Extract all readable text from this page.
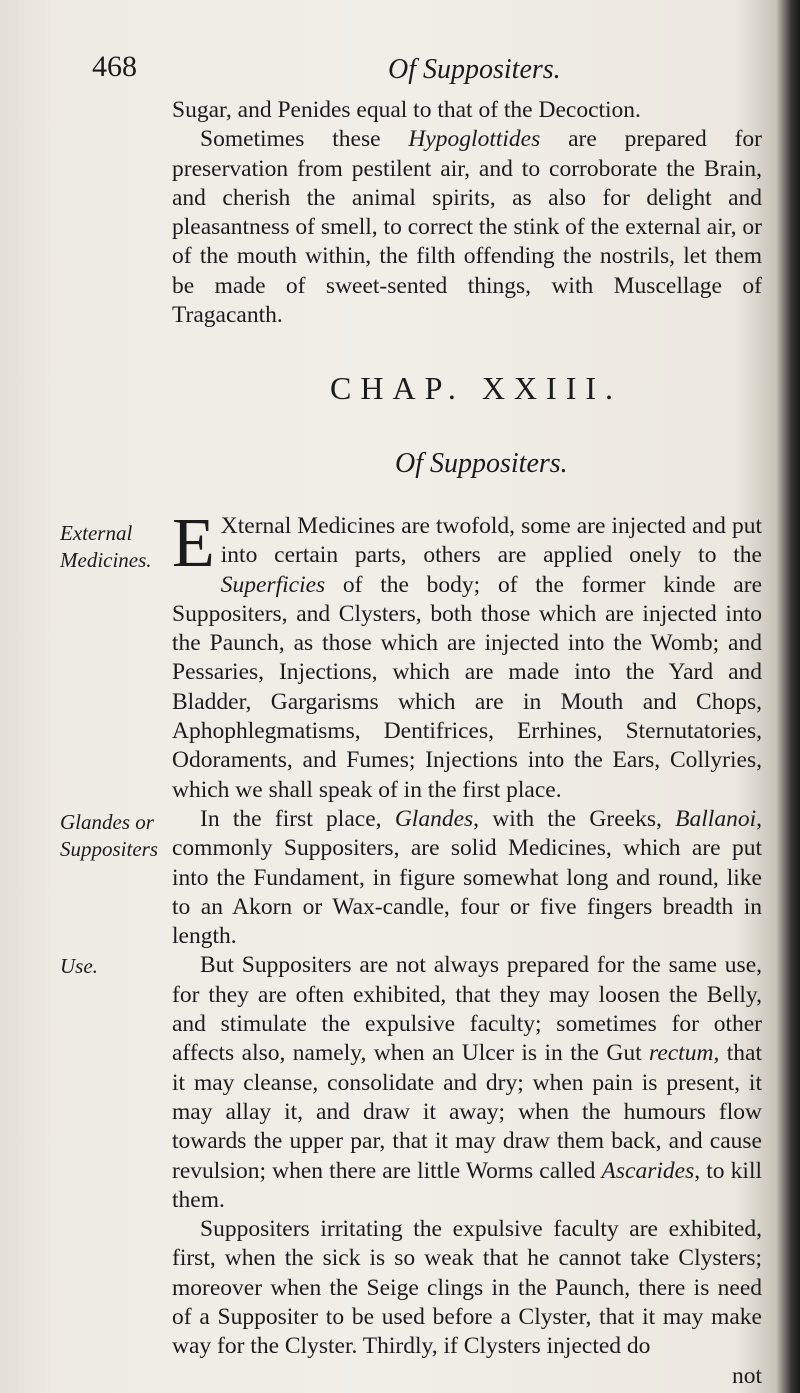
468	Of Suppositers.

Sugar, and Penides equal to that of the Decoction.

Sometimes these Hypoglottides are prepared for preservation from pestilent air, and to corroborate the Brain, and cherish the animal spirits, as also for delight and pleasantness of smell, to correct the stink of the external air, or of the mouth within, the filth offending the nostrils, let them be made of sweet-sented things, with Muscellage of Tragacanth.

CHAP. XXIII.
Of Suppositers.
External
Medicines.
Glandes or
Suppositers
Use.

E Xternal Medicines are twofold, some are injected and put into certain parts, others are applied onely to the Superficies of the body; of the former kinde are Suppositers, and Clysters, both those which are injected into the Paunch, as those which are injected into the Womb; and Pessaries, Injections, which are made into the Yard and Bladder, Gargarisms which are in Mouth and Chops, Aphophlegmatisms, Dentifrices, Errhines, Sternutatories, Odoraments, and Fumes; Injections into the Ears, Collyries, which we shall speak of in the first place.

In the first place, Glandes, with the Greeks, Ballanoi, commonly Suppositers, are solid Medicines, which are put into the Fundament, in figure somewhat long and round, like to an Akorn or Wax-candle, four or five fingers breadth in length.

But Suppositers are not always prepared for the same use, for they are often exhibited, that they may loosen the Belly, and stimulate the expulsive faculty; sometimes for other affects also, namely, when an Ulcer is in the Gut rectum, that it may cleanse, consolidate and dry; when pain is present, it may allay it, and draw it away; when the humours flow towards the upper par, that it may draw them back, and cause revulsion; when there are little Worms called Ascarides, to kill them.

Suppositers irritating the expulsive faculty are exhibited, first, when the sick is so weak that he cannot take Clysters; moreover when the Seige clings in the Paunch, there is need of a Suppositer to be used before a Clyster, that it may make way for the Clyster. Thirdly, if Clysters injected do

not
